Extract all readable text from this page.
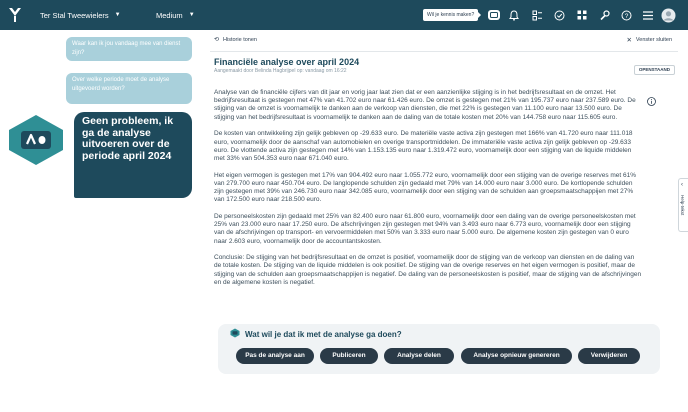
Ter Stal Tweewielers ▼	Medium ▼	Wil je kennis maken?	?
Waar kan ik jou vandaag mee van dienst zijn?
Over welke periode moet de analyse uitgevoerd worden?
Geen probleem, ik ga de analyse uitvoeren over de periode april 2024
⟲ Historie tonen	✕ Venster sluiten
Financiële analyse over april 2024
Aangemaakt door Belinda Hagbrijpel op: vandaag om 16:22	OPENSTAAND

Analyse van de financiële cijfers van dit jaar en vorig jaar laat zien dat er een aanzienlijke stijging is in het bedrijfsresultaat en de omzet. Het bedrijfsresultaat is gestegen met 47% van 41.702 euro naar 61.426 euro. De omzet is gestegen met 21% van 195.737 euro naar 237.589 euro. De stijging van de omzet is voornamelijk te danken aan de verkoop van diensten, die met 22% is gestegen van 11.100 euro naar 13.500 euro. De stijging van het bedrijfsresultaat is voornamelijk te danken aan de daling van de totale kosten met 20% van 144.758 euro naar 115.605 euro.

De kosten van ontwikkeling zijn gelijk gebleven op -29.633 euro. De materiële vaste activa zijn gestegen met 166% van 41.720 euro naar 111.018 euro, voornamelijk door de aanschaf van automobielen en overige transportmiddelen. De immateriële vaste activa zijn gelijk gebleven op -29.633 euro. De vlottende activa zijn gestegen met 14% van 1.153.135 euro naar 1.319.472 euro, voornamelijk door een stijging van de liquide middelen met 33% van 504.353 euro naar 671.040 euro.

Het eigen vermogen is gestegen met 17% van 904.492 euro naar 1.055.772 euro, voornamelijk door een stijging van de overige reserves met 61% van 279.700 euro naar 450.704 euro. De langlopende schulden zijn gedaald met 79% van 14.000 euro naar 3.000 euro. De kortlopende schulden zijn gestegen met 39% van 246.730 euro naar 342.085 euro, voornamelijk door een stijging van de schulden aan groepsmaatschappijen met 27% van 172.500 euro naar 218.500 euro.

De personeelskosten zijn gedaald met 25% van 82.400 euro naar 61.800 euro, voornamelijk door een daling van de overige personeelskosten met 25% van 23.000 euro naar 17.250 euro. De afschrijvingen zijn gestegen met 94% van 3.493 euro naar 6.773 euro, voornamelijk door een stijging van de afschrijvingen op transport- en vervoermiddelen met 50% van 3.333 euro naar 5.000 euro. De algemene kosten zijn gestegen van 0 euro naar 2.603 euro, voornamelijk door de accountantskosten.

Conclusie: De stijging van het bedrijfsresultaat en de omzet is positief, voornamelijk door de stijging van de verkoop van diensten en de daling van de totale kosten. De stijging van de liquide middelen is ook positief. De stijging van de overige reserves en het eigen vermogen is positief, maar de stijging van de schulden aan groepsmaatschappijen is negatief. De daling van de personeelskosten is positief, maar de stijging van de afschrijvingen en de algemene kosten is negatief.

Wat wil je dat ik met de analyse ga doen?
Pas de analyse aan	Publiceren	Analyse delen	Analyse opnieuw genereren	Verwijderen
‹
Help-tekst
